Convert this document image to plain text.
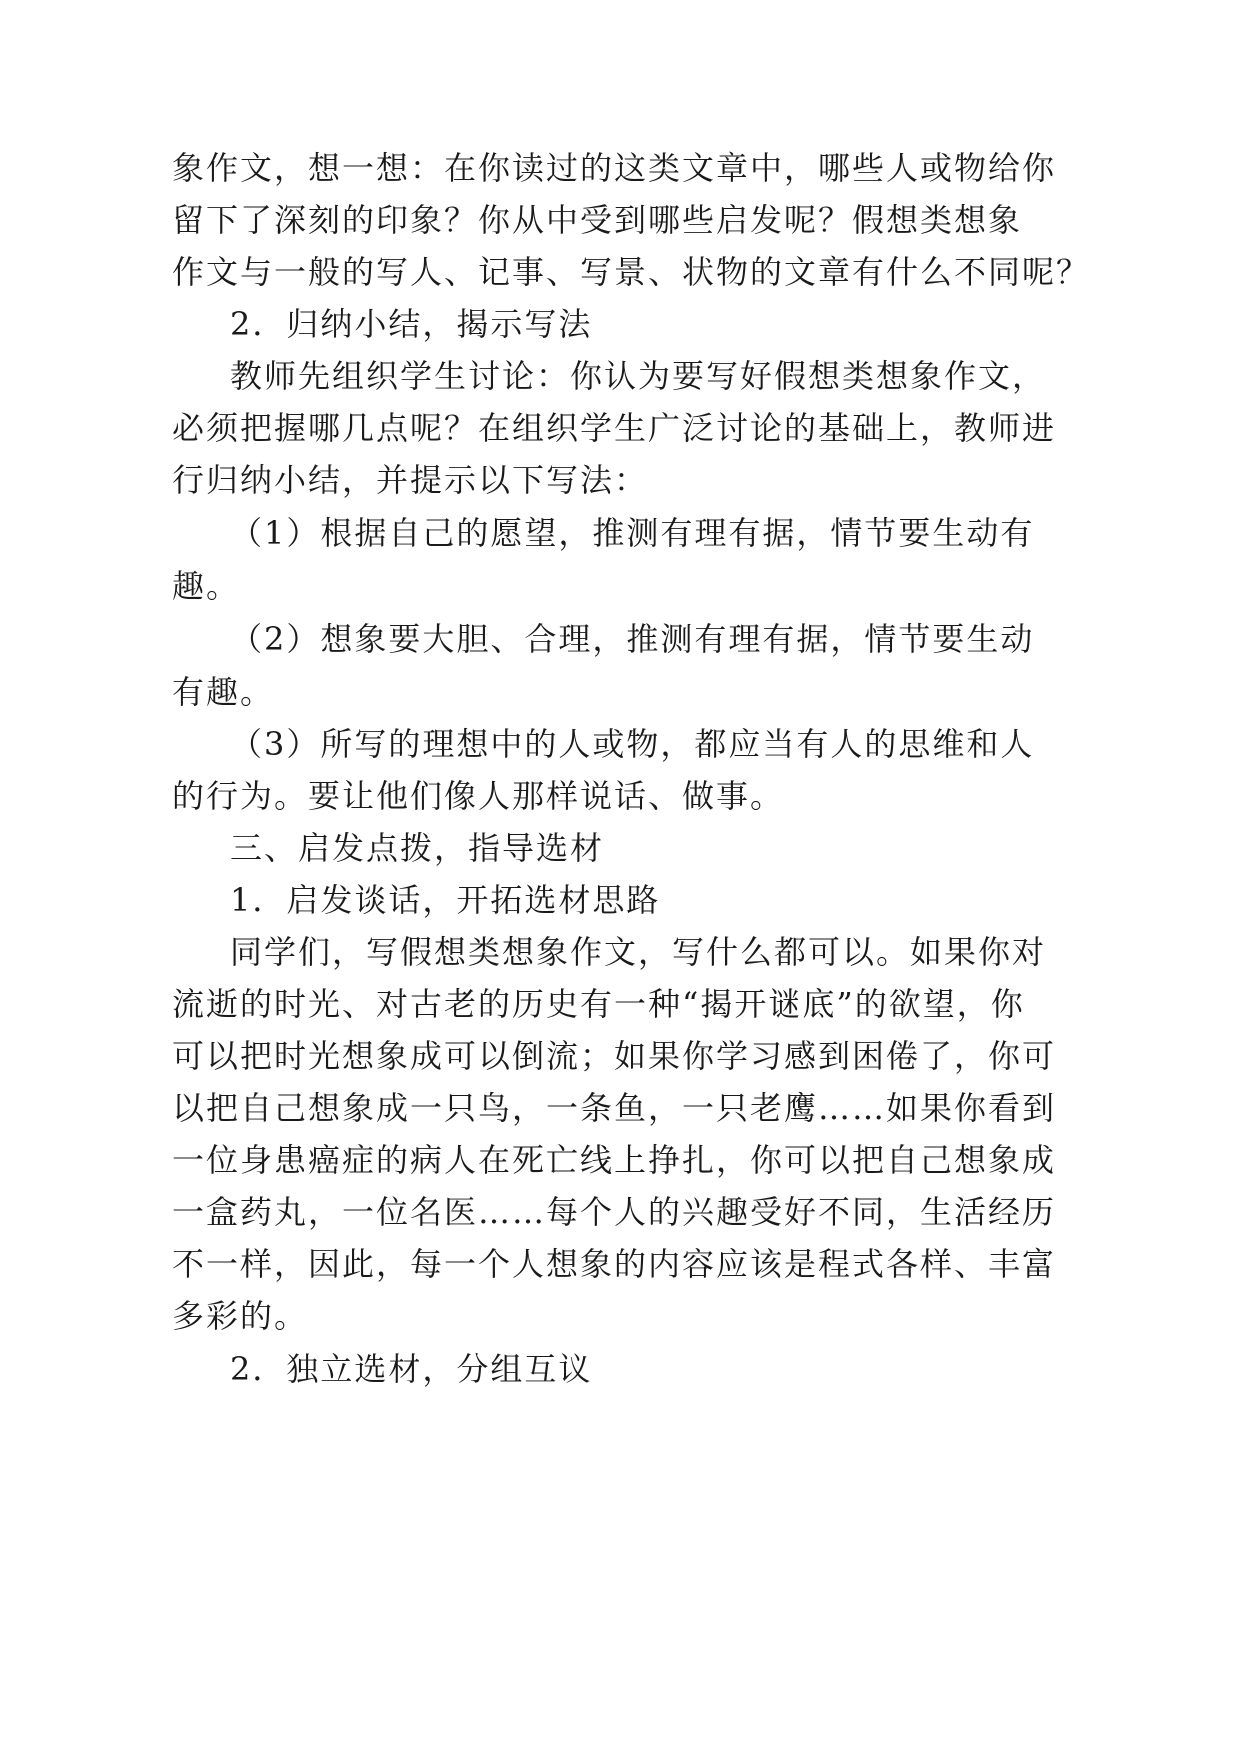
象作文，想一想：在你读过的这类文章中，哪些人或物给你
留下了深刻的印象？你从中受到哪些启发呢？假想类想象
作文与一般的写人、记事、写景、状物的文章有什么不同呢？
2．归纳小结，揭示写法
教师先组织学生讨论：你认为要写好假想类想象作文，
必须把握哪几点呢？在组织学生广泛讨论的基础上，教师进
行归纳小结，并提示以下写法：
（1）根据自己的愿望，推测有理有据，情节要生动有
趣。
（2）想象要大胆、合理，推测有理有据，情节要生动
有趣。
（3）所写的理想中的人或物，都应当有人的思维和人
的行为。要让他们像人那样说话、做事。
三、启发点拨，指导选材
1．启发谈话，开拓选材思路
同学们，写假想类想象作文，写什么都可以。如果你对
流逝的时光、对古老的历史有一种“揭开谜底”的欲望，你
可以把时光想象成可以倒流；如果你学习感到困倦了，你可
以把自己想象成一只鸟，一条鱼，一只老鹰……如果你看到
一位身患癌症的病人在死亡线上挣扎，你可以把自己想象成
一盒药丸，一位名医……每个人的兴趣受好不同，生活经历
不一样，因此，每一个人想象的内容应该是程式各样、丰富
多彩的。
2．独立选材，分组互议
